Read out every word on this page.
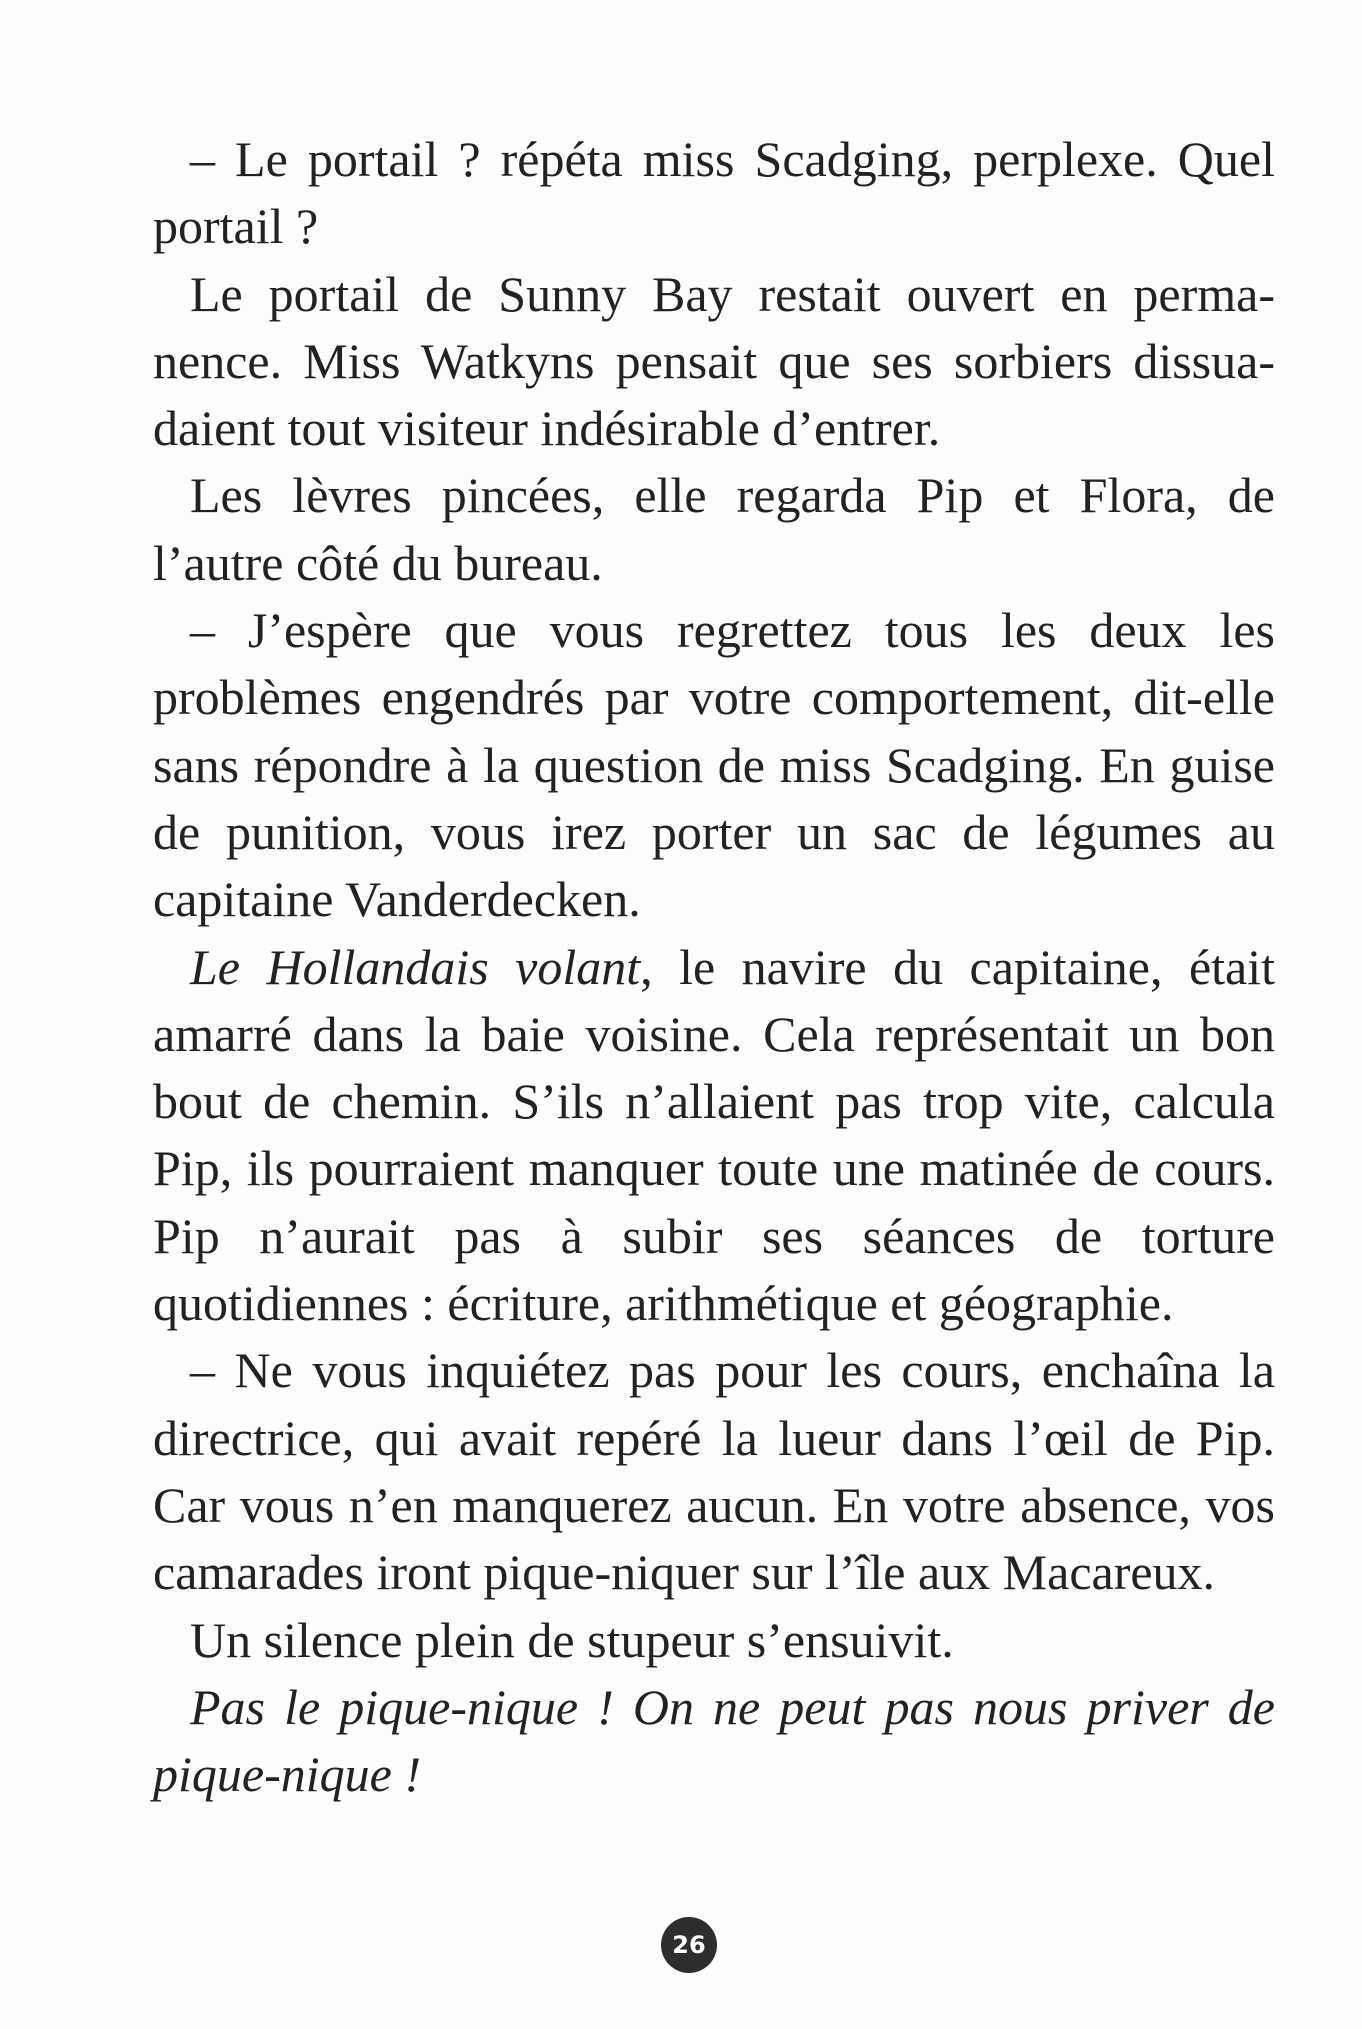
– Le portail ? répéta miss Scadging, perplexe. Quel portail ?

Le portail de Sunny Bay restait ouvert en permanence. Miss Watkyns pensait que ses sorbiers dissuadaient tout visiteur indésirable d’entrer.

Les lèvres pincées, elle regarda Pip et Flora, de l’autre côté du bureau.

– J’espère que vous regrettez tous les deux les problèmes engendrés par votre comportement, dit-elle sans répondre à la question de miss Scadging. En guise de punition, vous irez porter un sac de légumes au capitaine Vanderdecken.

Le Hollandais volant, le navire du capitaine, était amarré dans la baie voisine. Cela représentait un bon bout de chemin. S’ils n’allaient pas trop vite, calcula Pip, ils pourraient manquer toute une matinée de cours. Pip n’aurait pas à subir ses séances de torture quotidiennes : écriture, arithmétique et géographie.

– Ne vous inquiétez pas pour les cours, enchaîna la directrice, qui avait repéré la lueur dans l’œil de Pip. Car vous n’en manquerez aucun. En votre absence, vos camarades iront pique-niquer sur l’île aux Macareux.

Un silence plein de stupeur s’ensuivit.

Pas le pique-nique ! On ne peut pas nous priver de pique-nique !

26
